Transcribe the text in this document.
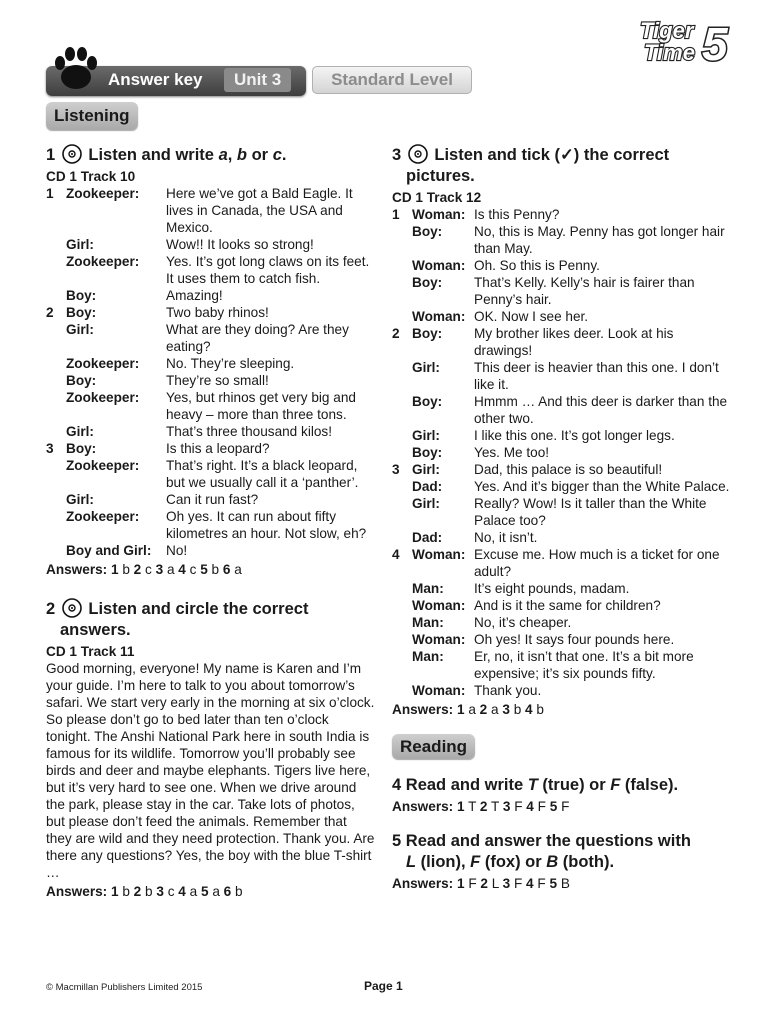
Answer key	Unit 3	Standard Level
Tiger
Time 5
Listening
1 Listen and write a, b or c.
CD 1 Track 10
1 Zookeeper:	Here we’ve got a Bald Eagle. It lives in Canada, the USA and Mexico.
Girl:	Wow!! It looks so strong!
Zookeeper:	Yes. It’s got long claws on its feet. It uses them to catch fish.
Boy:	Amazing!
2 Boy:	Two baby rhinos!
Girl:	What are they doing? Are they eating?
Zookeeper:	No. They’re sleeping.
Boy:	They’re so small!
Zookeeper:	Yes, but rhinos get very big and heavy – more than three tons.
Girl:	That’s three thousand kilos!
3 Boy:	Is this a leopard?
Zookeeper:	That’s right. It’s a black leopard, but we usually call it a ‘panther’.
Girl:	Can it run fast?
Zookeeper:	Oh yes. It can run about fifty kilometres an hour. Not slow, eh?
Boy and Girl:	No!
Answers: 1 b 2 c 3 a 4 c 5 b 6 a
2 Listen and circle the correct
answers.
CD 1 Track 11

Good morning, everyone! My name is Karen and I’m your guide. I’m here to talk to you about tomorrow’s safari. We start very early in the morning at six o’clock. So please don’t go to bed later than ten o’clock tonight. The Anshi National Park here in south India is famous for its wildlife. Tomorrow you’ll probably see birds and deer and maybe elephants. Tigers live here, but it’s very hard to see one. When we drive around the park, please stay in the car. Take lots of photos, but please don’t feed the animals. Remember that they are wild and they need protection. Thank you. Are there any questions? Yes, the boy with the blue T-shirt …

Answers: 1 b 2 b 3 c 4 a 5 a 6 b
3 Listen and tick (✓) the correct
pictures.
CD 1 Track 12
1 Woman: Is this Penny?
Boy:	No, this is May. Penny has got longer hair than May.
Woman: Oh. So this is Penny.
Boy:	That’s Kelly. Kelly’s hair is fairer than Penny’s hair.
Woman: OK. Now I see her.
2 Boy:	My brother likes deer. Look at his drawings!
Girl:	This deer is heavier than this one. I don’t like it.
Boy:	Hmmm … And this deer is darker than the other two.
Girl:	I like this one. It’s got longer legs.
Boy:	Yes. Me too!
3 Girl:	Dad, this palace is so beautiful!
Dad:	Yes. And it’s bigger than the White Palace.
Girl:	Really? Wow! Is it taller than the White Palace too?
Dad:	No, it isn’t.
4 Woman: Excuse me. How much is a ticket for one adult?
Man:	It’s eight pounds, madam.
Woman: And is it the same for children?
Man:	No, it’s cheaper.
Woman: Oh yes! It says four pounds here.
Man:	Er, no, it isn’t that one. It’s a bit more expensive; it’s six pounds fifty.
Woman: Thank you.
Answers: 1 a 2 a 3 b 4 b
Reading
4 Read and write T (true) or F (false).
Answers: 1 T 2 T 3 F 4 F 5 F
5 Read and answer the questions with
L (lion), F (fox) or B (both).
Answers: 1 F 2 L 3 F 4 F 5 B
© Macmillan Publishers Limited 2015	Page 1
